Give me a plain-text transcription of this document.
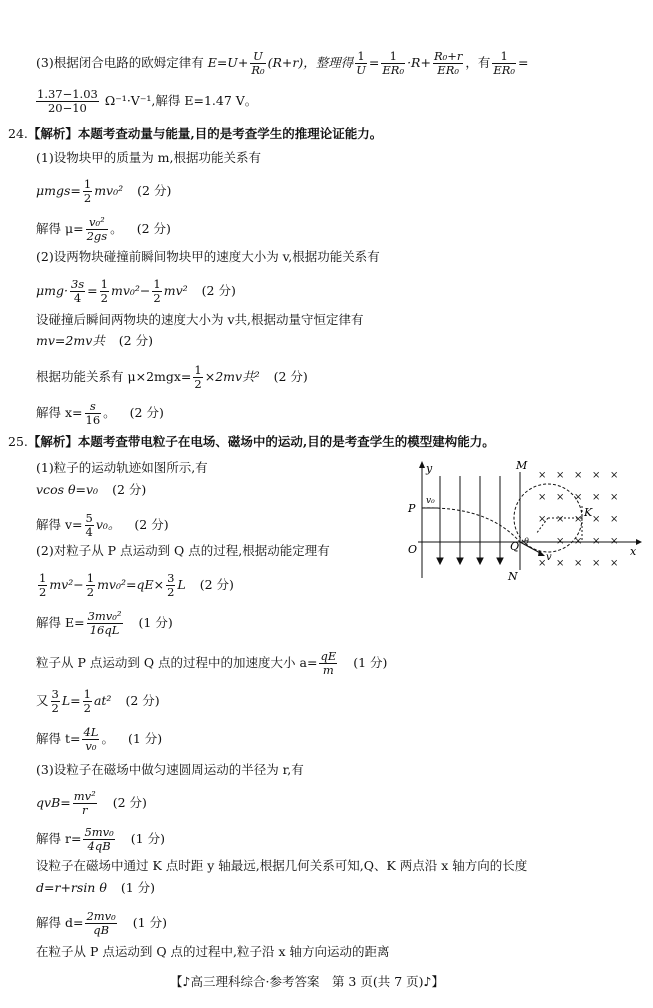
(3)根据闭合电路的欧姆定律有 $E=U+ \frac{U}{\text{R₀}} (R+r)$，整理得 $\frac{1}{U} = \frac{1}{\text{ER₀}} \cdot R+ \frac{\text{R₀+r}}{\text{ER₀}}$ ，有 $\frac{1}{\text{ER₀}}$ =
$\frac{1.37-1.03}{20-10} \Omega^{-1}\cdot V^{-1}$,解得 E=1.47 V。
24.【解析】本题考查动量与能量,目的是考查学生的推理论证能力。
(1)设物块甲的质量为 m,根据功能关系有
$\mu mgs= \frac{1}{2} mv_0^2$ (2 分)
解得 $\mu= \frac{\text{v₀²}}{2gs}$ 。 (2 分)
(2)设两物块碰撞前瞬间物块甲的速度大小为 v,根据功能关系有
$\mu mg\cdot \frac{3s}{4} = \frac{1}{2} mv_0^2- \frac{1}{2} mv^2$ (2 分)
设碰撞后瞬间两物块的速度大小为 v共,根据动量守恒定律有
mv=2mv共 (2 分)
根据功能关系有 $\mu\times 2mgx= \frac{1}{2} \times 2mv$共² (2 分)
解得 $x= \frac{s}{16}$ 。 (2 分)
25.【解析】本题考查带电粒子在电场、磁场中的运动,目的是考查学生的模型建构能力。
(1)粒子的运动轨迹如图所示,有
vcos θ=v₀ (2 分)
解得 $v= \frac{5}{4} v_0$。 (2 分)
(2)对粒子从 P 点运动到 Q 点的过程,根据动能定理有
$\frac{1}{2} mv^2- \frac{1}{2} mv_0^2=qE\times \frac{3}{2}$ L (2 分)
解得 $E= \frac{\text{3mv₀²}}{16qL} (1$ 分)
粒子从 P 点运动到 Q 点的过程中的加速度大小 $a= \frac{qE}{m} (1$ 分)
又 $\frac{3}{2} L= \frac{1}{2} at^2$ (2 分)
解得 $t= \frac{4L}{\text{v₀}}$ 。 (1 分)
(3)设粒子在磁场中做匀速圆周运动的半径为 r,有
$qvB= \frac{\text{mv²}}{r} (2$ 分)
解得 $r= \frac{\text{5mv₀}}{4qB} (1$ 分)
设粒子在磁场中通过 K 点时距 y 轴最远,根据几何关系可知,Q、K 两点沿 x 轴方向的长度
d=r+rsin θ (1 分)
解得 $d= \frac{\text{2mv₀}}{qB} (1$ 分)
在粒子从 P 点运动到 Q 点的过程中,粒子沿 x 轴方向运动的距离
× × × × ×
× × × × ×
× × × × ×
× × × ×
× × × × ×
y
x
O
P
v₀
Q θ
M
N
K
v
【♪高三理科综合·参考答案　第 3 页(共 7 页)♪】
